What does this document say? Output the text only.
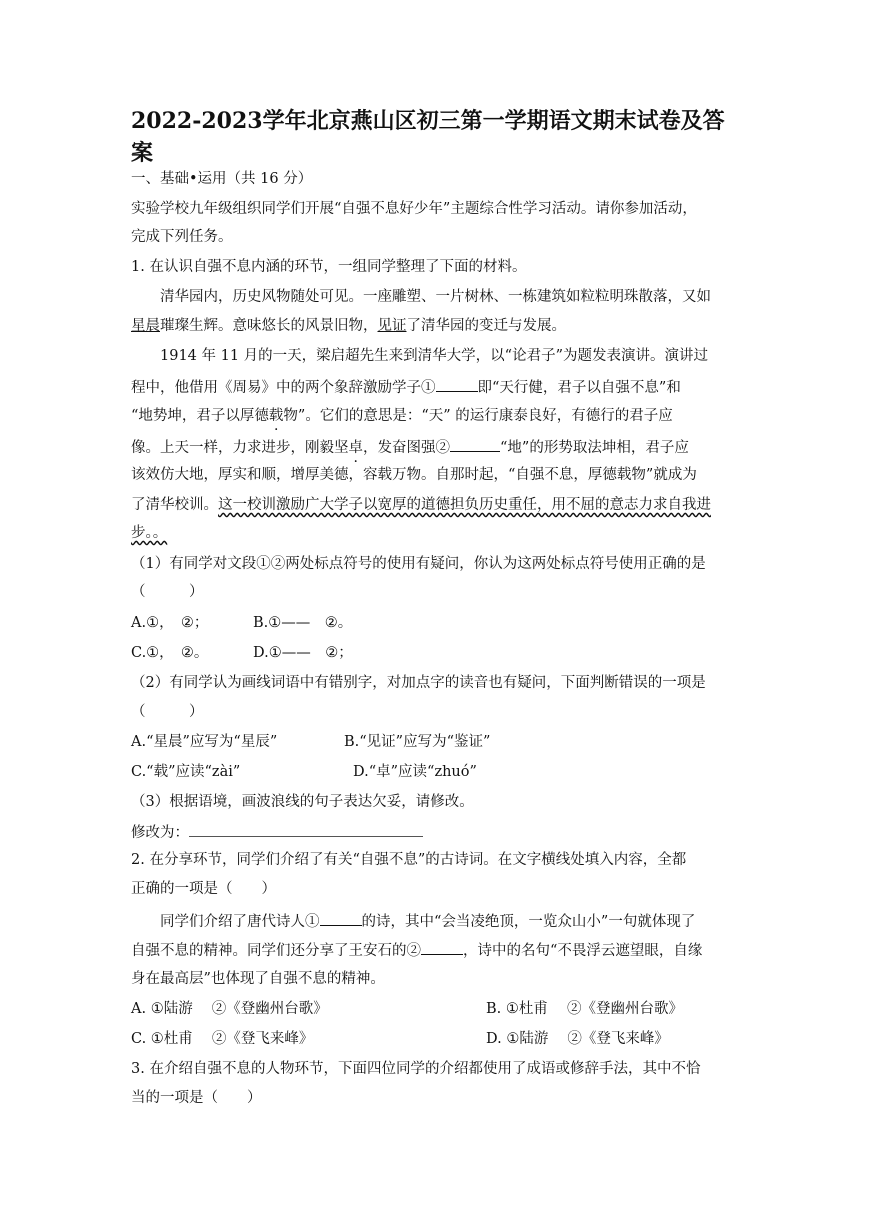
2022-2023学年北京燕山区初三第一学期语文期末试卷及答
案
一、基础•运用（共 16 分）
实验学校九年级组织同学们开展“自强不息好少年”主题综合性学习活动。请你参加活动，
完成下列任务。
1. 在认识自强不息内涵的环节，一组同学整理了下面的材料。
清华园内，历史风物随处可见。一座雕塑、一片树林、一栋建筑如粒粒明珠散落，又如
星晨璀璨生辉。意味悠长的风景旧物，见证了清华园的变迁与发展。
1914 年 11 月的一天，梁启超先生来到清华大学，以“论君子”为题发表演讲。演讲过
程中，他借用《周易》中的两个象辞激励学子①	即“天行健，君子以自强不息”和
“地势坤，君子以厚德载物”。它们的意思是：“天” 的运行康泰良好，有德行的君子应
像。上天一样，力求进步，刚毅坚卓，发奋图强②	“地”的形势取法坤相，君子应
该效仿大地，厚实和顺，增厚美德，容载万物。自那时起，“自强不息，厚德载物”就成为
了清华校训。这一校训激励广大学子以宽厚的道德担负历史重任，用不屈的意志力求自我进
步。。
（1）有同学对文段①②两处标点符号的使用有疑问，你认为这两处标点符号使用正确的是
（　　　）
A.①，　②；	B.①——　②。
C.①，　②。	D.①——　②；
（2）有同学认为画线词语中有错别字，对加点字的读音也有疑问，下面判断错误的一项是
（　　　）
A.“星晨”应写为“星辰”	B.“见证”应写为“鉴证”
C.“载”应读“zài”	D.“卓”应读“zhuó”
（3）根据语境，画波浪线的句子表达欠妥，请修改。
修改为：
2. 在分享环节，同学们介绍了有关“自强不息”的古诗词。在文字横线处填入内容，全都
正确的一项是（　　）
同学们介绍了唐代诗人①	的诗，其中“会当凌绝顶，一览众山小”一句就体现了
自强不息的精神。同学们还分享了王安石的②	，诗中的名句“不畏浮云遮望眼，自缘
身在最高层”也体现了自强不息的精神。
A. ①陆游　 ②《登幽州台歌》	B. ①杜甫　 ②《登幽州台歌》
C. ①杜甫　 ②《登飞来峰》	D. ①陆游　 ②《登飞来峰》
3. 在介绍自强不息的人物环节，下面四位同学的介绍都使用了成语或修辞手法，其中不恰
当的一项是（　　）
